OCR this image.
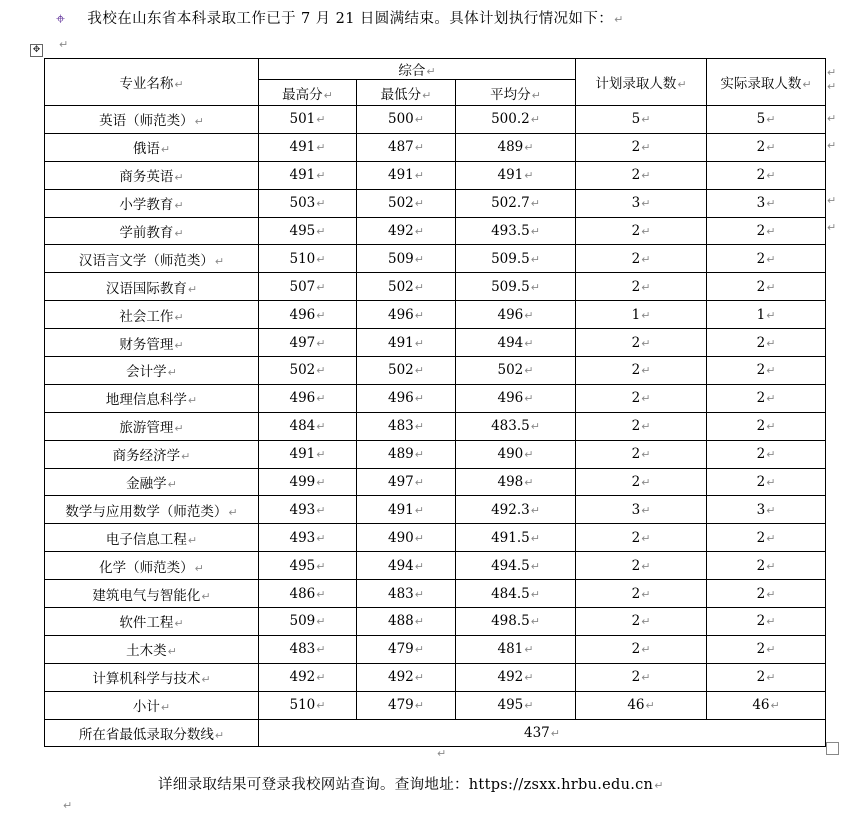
⌖ 我校在山东省本科录取工作已于 7 月 21 日圆满结束。具体计划执行情况如下：↵
✥ ↵
专业名称↵	综合↵			计划录取人数↵	实际录取人数↵
	最高分↵	最低分↵	平均分↵		
英语（师范类）↵	501↵	500↵	500.2↵	5↵	5↵
俄语↵	491↵	487↵	489↵	2↵	2↵
商务英语↵	491↵	491↵	491↵	2↵	2↵
小学教育↵	503↵	502↵	502.7↵	3↵	3↵
学前教育↵	495↵	492↵	493.5↵	2↵	2↵
汉语言文学（师范类）↵	510↵	509↵	509.5↵	2↵	2↵
汉语国际教育↵	507↵	502↵	509.5↵	2↵	2↵
社会工作↵	496↵	496↵	496↵	1↵	1↵
财务管理↵	497↵	491↵	494↵	2↵	2↵
会计学↵	502↵	502↵	502↵	2↵	2↵
地理信息科学↵	496↵	496↵	496↵	2↵	2↵
旅游管理↵	484↵	483↵	483.5↵	2↵	2↵
商务经济学↵	491↵	489↵	490↵	2↵	2↵
金融学↵	499↵	497↵	498↵	2↵	2↵
数学与应用数学（师范类）↵	493↵	491↵	492.3↵	3↵	3↵
电子信息工程↵	493↵	490↵	491.5↵	2↵	2↵
化学（师范类）↵	495↵	494↵	494.5↵	2↵	2↵
建筑电气与智能化↵	486↵	483↵	484.5↵	2↵	2↵
软件工程↵	509↵	488↵	498.5↵	2↵	2↵
土木类↵	483↵	479↵	481↵	2↵	2↵
计算机科学与技术↵	492↵	492↵	492↵	2↵	2↵
小计↵	510↵	479↵	495↵	46↵	46↵
所在省最低录取分数线↵	437↵				
↵
↵
↵
↵
↵
↵
↵
详细录取结果可登录我校网站查询。查询地址：https://zsxx.hrbu.edu.cn↵
↵
